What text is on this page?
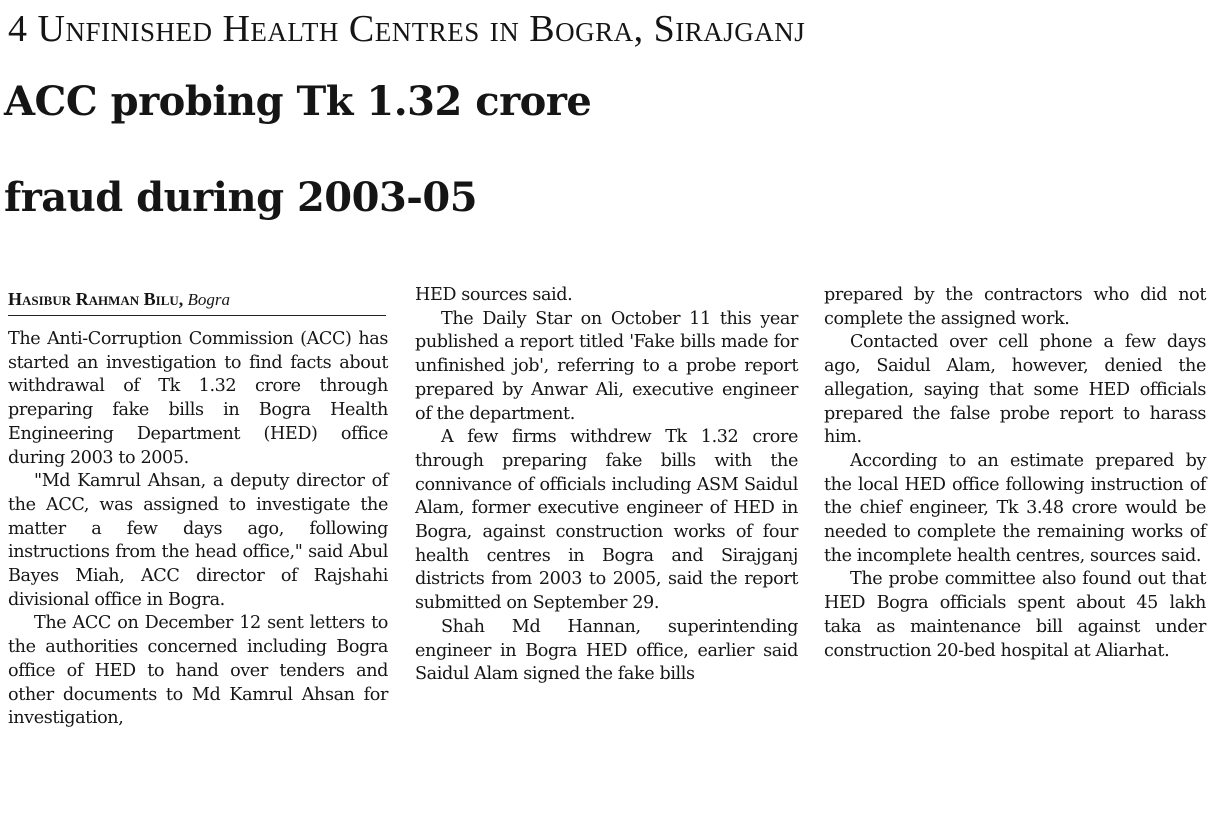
4 Unfinished Health Centres in Bogra, Sirajganj
ACC probing Tk 1.32 crore
fraud during 2003-05
Hasibur Rahman Bilu, Bogra

The Anti-Corruption Commission (ACC) has started an investigation to find facts about withdrawal of Tk 1.32 crore through preparing fake bills in Bogra Health Engineering Department (HED) office during 2003 to 2005.

"Md Kamrul Ahsan, a deputy director of the ACC, was assigned to investigate the matter a few days ago, following instructions from the head office," said Abul Bayes Miah, ACC director of Rajshahi divisional office in Bogra.

The ACC on December 12 sent letters to the authorities concerned including Bogra office of HED to hand over tenders and other documents to Md Kamrul Ahsan for investigation,

HED sources said.

The Daily Star on October 11 this year published a report titled 'Fake bills made for unfinished job', referring to a probe report prepared by Anwar Ali, executive engineer of the department.

A few firms withdrew Tk 1.32 crore through preparing fake bills with the connivance of officials including ASM Saidul Alam, former executive engineer of HED in Bogra, against construction works of four health centres in Bogra and Sirajganj districts from 2003 to 2005, said the report submitted on September 29.

Shah Md Hannan, superintending engineer in Bogra HED office, earlier said Saidul Alam signed the fake bills

prepared by the contractors who did not complete the assigned work.

Contacted over cell phone a few days ago, Saidul Alam, however, denied the allegation, saying that some HED officials prepared the false probe report to harass him.

According to an estimate prepared by the local HED office following instruction of the chief engineer, Tk 3.48 crore would be needed to complete the remaining works of the incomplete health centres, sources said.

The probe committee also found out that HED Bogra officials spent about 45 lakh taka as maintenance bill against under construction 20-bed hospital at Aliarhat.
